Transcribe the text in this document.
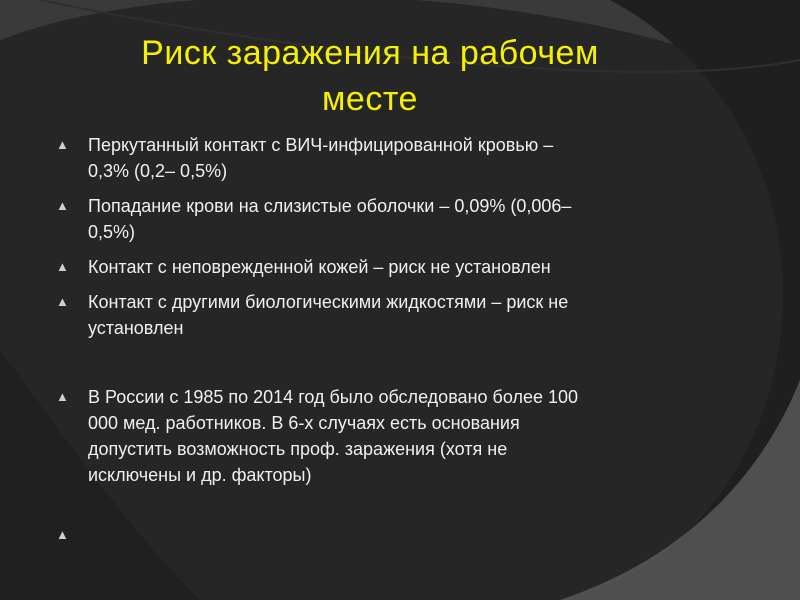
Риск заражения на рабочем
месте
▲	Перкутанный контакт с ВИЧ-инфицированной кровью –
0,3% (0,2– 0,5%)
▲	Попадание крови на слизистые оболочки – 0,09% (0,006–
0,5%)
▲	Контакт с неповрежденной кожей – риск не установлен
▲	Контакт с другими биологическими жидкостями – риск не
установлен
▲	В России с 1985 по 2014 год было обследовано более 100
000 мед. работников. В 6-х случаях есть основания
допустить возможность проф. заражения (хотя не
исключены и др. факторы)
▲
